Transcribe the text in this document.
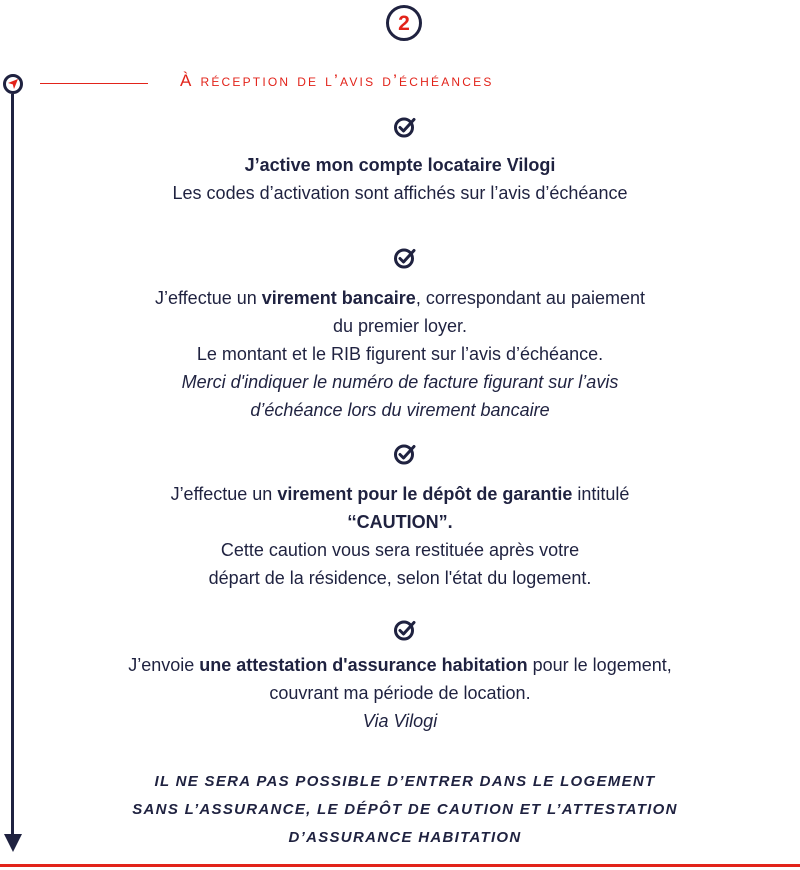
2
À réception de l’avis d’échéances

J’active mon compte locataire Vilogi

Les codes d’activation sont affichés sur l’avis d’échéance

J’effectue un virement bancaire, correspondant au paiement

du premier loyer.

Le montant et le RIB figurent sur l’avis d’échéance.

Merci d'indiquer le numéro de facture figurant sur l’avis

d’échéance lors du virement bancaire

J’effectue un virement pour le dépôt de garantie intitulé

‘‘CAUTION”.

Cette caution vous sera restituée après votre

départ de la résidence, selon l'état du logement.

J’envoie une attestation d'assurance habitation pour le logement,

couvrant ma période de location.

Via Vilogi

IL NE SERA PAS POSSIBLE D’ENTRER DANS LE LOGEMENT

SANS L’ASSURANCE, LE DÉPÔT DE CAUTION ET L’ATTESTATION

D’ASSURANCE HABITATION
